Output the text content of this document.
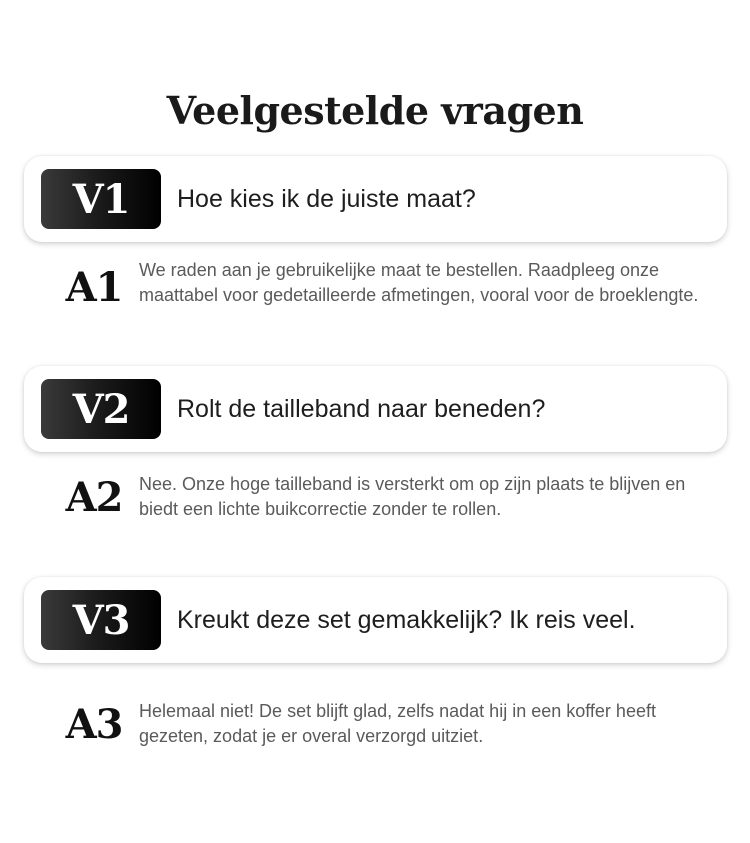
Veelgestelde vragen
V1	Hoe kies ik de juiste maat?
A1 We raden aan je gebruikelijke maat te bestellen. Raadpleeg onze maattabel voor gedetailleerde afmetingen, vooral voor de broeklengte.
V2	Rolt de tailleband naar beneden?
A2 Nee. Onze hoge tailleband is versterkt om op zijn plaats te blijven en biedt een lichte buikcorrectie zonder te rollen.
V3	Kreukt deze set gemakkelijk? Ik reis veel.
A3 Helemaal niet! De set blijft glad, zelfs nadat hij in een koffer heeft gezeten, zodat je er overal verzorgd uitziet.
